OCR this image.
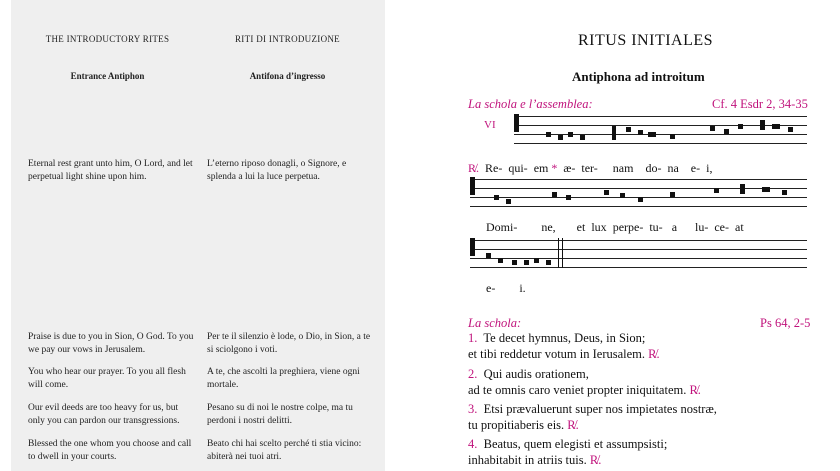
THE INTRODUCTORY RITES
Entrance Antiphon
Eternal rest grant unto him, O Lord, and let perpetual light shine upon him.
Praise is due to you in Sion, O God. To you we pay our vows in Jerusalem.
You who hear our prayer. To you all flesh will come.
Our evil deeds are too heavy for us, but only you can pardon our transgressions.
Blessed the one whom you choose and call to dwell in your courts.
RITI DI INTRODUZIONE
Antifona d’ingresso
L’eterno riposo donagli, o Signore, e splenda a lui la luce perpetua.
Per te il silenzio è lode, o Dio, in Sion, a te si sciolgono i voti.
A te, che ascolti la preghiera, viene ogni mortale.
Pesano su di noi le nostre colpe, ma tu perdoni i nostri delitti.
Beato chi hai scelto perché ti stia vicino: abiterà nei tuoi atri.
RITUS INITIALES
Antiphona ad introitum
La schola e l’assemblea:	Cf. 4 Esdr 2, 34-35
VI
R̸. Re- qui- em * æ- ter- nam do- na e- i,
Domi- ne, et lux perpe- tu- a lu- ce- at
e- i.
La schola:	Ps 64, 2-5
1. Te decet hymnus, Deus, in Sion;
et tibi reddetur votum in Ierusalem. R̸.
2. Qui audis orationem,
ad te omnis caro veniet propter iniquitatem. R̸.
3. Etsi prævaluerunt super nos impietates nostræ,
tu propitiaberis eis. R̸.
4. Beatus, quem elegisti et assumpsisti;
inhabitabit in atriis tuis. R̸.
